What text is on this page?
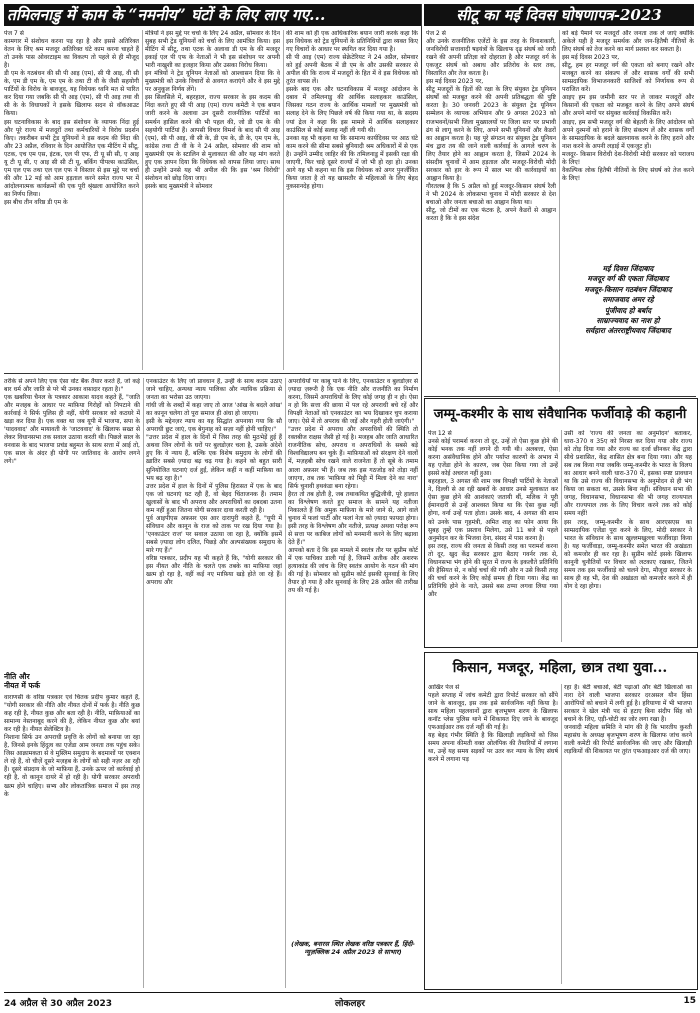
तमिलनाडु में काम के “नमनीय” घंटों के लिए लाए गए...	सीटू का मई दिवस घोषणापत्र-2023
पेज 7 से
कामगार में संशोधन करना पड़ रहा है और इससे अतिरिक्त वेतन के लिए श्रम मजदूर अतिरिक्त घंटे काम करना चाहते हैं तो उनके पास ओवरटाइम का विकल्प तो पहले से ही मौजूद है।
डी एम के गठबंधन की सी पी आइ (एम), सी पी आइ, वी सी के, एम डी एम के, एम एम के तथा टी वी के जैसी सहयोगी पार्टियों के विरोध के बावजूद, यह विधेयक ध्वनि मत से पारित कर दिया गया जबकि सी पी आइ (एम), सी पी आइ तथा वी सी के के विधायकों ने इसके खिलाफ सदन से वॉकआउट किया।
इस घटनाविकास के बाद इस संशोधन के व्यापक निंदा हुई और पूरे राज्य में मजदूरों तथा कर्मचारियों ने विरोध प्रदर्शन किए। तकरीबन सभी ट्रेड यूनियनों ने इस कदम की निंदा की और 23 अप्रैल, रविवार के दिन आयोजित एक मीटिंग में सीटू, एटक, एच एम एस, इंटक, एल पी एफ, टी यू सी सी, ए आइ यू टी यू सी, ए आइ सी सी टी यू, बर्किंग पीपल्स काउंसिल, एम एल एफ तथा एल एल एफ ने विस्तार से इस मुद्दे पर चर्चा की और 12 मई को आम हड़ताल करने समेत राज्य भर में आंदोलनात्मक कार्यक्रमों की एक पूरी श्रृंखला आयोजित करने का निर्णय लिया।
इस बीच तीन वरिष्ठ डी एम के
मंत्रियों ने इस मुद्दे पर चर्चा के लिए 24 अप्रैल, सोमवार के दिन सुबह सभी ट्रेड यूनियनों को चर्चा के लिए आमंत्रित किया। इस मीटिंग में सीटू, तथा एटक के अलावा डी एम के की मजदूर इकाई एल पी एफ के नेताओं ने भी इस संशोधन पर अपनी भारी नाखुशी का इजहार किया और उसका विरोध किया।
इन मंत्रियों ने ट्रेड यूनियन नेताओं को आश्वासन दिया कि वे मुख्यमंत्री को उनके विचारों से अवगत कराएंगे और वे इस मुद्दे पर अनुकूल निर्णय लेंगे।
इस सिलसिले में, बहरहाल, राज्य सरकार के इस कदम की निंदा करते हुए सी पी आइ (एम) राज्य कमेटी ने एक बयान जारी करने के अलावा उन दूसरी राजनीतिक पार्टियों का समर्थन हासिल करने की भी पहल की, जो डी एम के की सहयोगी पार्टियां हैं। आपसी विचार विमर्श के बाद सी पी आइ (एम), सी पी आइ, वी सी के, डी एम के, डी के, एम एम के, कांग्रेस तथा टी वी के ने 24 अप्रैल, सोमवार की शाम को मुख्यमंत्री एम के स्टालिन से मुलाकात की और यह मांग करते हुए एक ज्ञापन दिया कि विधेयक को वापस लिया जाए। साथ ही उन्होंने उनसे यह भी अपील की कि इस 'श्रम विरोधी' संशोधन को छोड़ दिया जाए।
इसके बाद मुख्यमंत्री ने सोमवार
की शाम को ही एक आधिकारिक बयान जारी करके कहा कि इस विधेयक को ट्रेड यूनियनों के प्रतिनिधियों द्वारा व्यक्त किए गए विचारों के आधार पर स्थगित कर दिया गया है।
सी पी आइ (एम) राज्य सेक्रेटेरियट ने 24 अप्रैल, सोमवार को हुई अपनी बैठक में डी एम के और उसकी सरकार से अपील की कि राज्य में मजदूरों के हित में वे इस विधेयक को तुरंत वापस लें।
इसके बाद एक और घटनाविकास में मजदूर आंदोलन के दबाव में तमिलनाडु की आर्थिक सलाहकार काउंसिल, जिसका गठन राज्य के आर्थिक मामलों पर मुख्यमंत्री को सलाह देने के लिए पिछले वर्ष की किया गया था, के सदस्य ज्यां द्रेज ने कहा कि इस मामले में आर्थिक सलाहकार काउंसिल से कोई सलाह नहीं ली गयी थी।
उनका यह भी कहना था कि सामान्य कार्यदिवस पर आठ घंटे काम करने की सीमा सबसे बुनियादी श्रम अधिकारों में से एक है। उन्होंने उम्मीद जाहिर की कि तमिलनाडु में इसकी रक्षा की जाएगी, फिर चाहे दूसरे राज्यों में जो भी हो रहा हो। उनका आगे यह भी कहना था कि इस विधेयक को अगर पुनर्जीवित किया जाता है तो यह खासतौर से महिलाओं के लिए बेहद नुकसानदेह होगा।
पेज 2 से
और उनके राजनीतिक एजेंटों के इस तरह के विनाशकारी, जनविरोधी सत्तावादी षड़यंत्रों के खिलाफ दृढ़ संघर्ष को जारी रखने की अपनी प्रतिज्ञा को दोहराता है और मजदूर वर्ग के एकजुट संघर्ष को अबाध और प्रतिरोध के स्तर तक, विस्तारित और तेज करता है।
इस मई दिवस 2023 पर,
सीटू मजदूरों के हितों की रक्षा के लिए संयुक्त ट्रेड यूनियन संघर्षों को मजबूत करने की अपनी प्रतिबद्धता की पुष्टि करता है। 30 जनवरी 2023 के संयुक्त ट्रेड यूनियन सम्मेलन के व्यापक अभियान और 9 अगस्त 2023 को राजभवनों/सभी जिला मुख्यालयों पर जिला स्तर पर प्रभावी ढंग से लागू करने के लिए, अपने सभी यूनियनों और कैडरों का आह्वान करता है। यह पूरे संगठन का संयुक्त ट्रेड यूनियन मंच द्वारा तय की जाने वाली कार्रवाई के आगले चरण के लिए तैयार होने का आह्वान करता है, जिसमें 2024 के संसदीय चुनावों में आम हड़ताल और मजदूर-विरोधी मोदी सरकार को हार के रूप में साल भर की कार्रवाइयों का आह्वान किया है।
गौरतलब है कि 5 अप्रैल को हुई मजदूर-किसान संघर्ष रैली ने भी 2024 के लोकसभा चुनाव में मोदी सरकार से देश बचाओ और जनता बचाओ का आह्वान किया था।
सीटू, जो टीमों का एक फंटक है, अपने कैडरों से आह्वान करता है कि वे इस संदेश
को बड़े पैमाने पर मजदूरों और जनता तक ले जाएं क्योंकि अकेले यही है मजदूर समर्थक और जन-हितैषी नीतियों के लिए संघर्ष को तेज करने का मार्ग प्रशस्त कर सकता है।
इस मई दिवस 2023 पर,
सीटू, हम हर मजदूर वर्ग की एकता को बनाए रखने और मजबूत करने का संकल्प लें और शासक वर्गों की सभी साम्प्रदायिक विभाजनकारी साजिशों को निर्णायक रूप से पराजित करें।
आइए हम इस जमीनी स्तर पर ले जाकर मजदूरों और किसानों की एकता को मजबूत करने के लिए अपने संघर्ष और अपने मांगों पर संयुक्त कार्रवाई विकसित करें।
आइए, हम सभी मजदूर वर्ग की बेहतरी के लिए आंदोलन को अपने दुश्मनों को हराने के लिए संकल्प लें और शासक वर्गों के साम्प्रदायिक के बदले खलनायक करने के लिए हराने और नाश करने के अपनी लड़ाई में एकजुट हों।
मजदूर- किसान विरोधी देश-विरोधी मोदी सरकार को पराजय के लिए!
वैकल्पिक लोक हितैषी नीतियों के लिए संघर्ष को तेज करने के लिए!
मई दिवस जिंदाबाद
मजदूर वर्ग की एकता जिंदाबाद
मजदूर-किसान गठबंधन जिंदाबाद
समाजवाद अमर रहे
पूंजीवाद हो बर्बाद
साम्राज्यवाद का नाश हो
सर्वहारा अंतरराष्ट्रीयवाद जिंदाबाद
तरीके से अपने लिए एक ऐसा वोट बैंक तैयार करते हैं, जो कई बार धर्म और जाति से परे भी उनका वफ़ादार रहता है।"
एक खबरिया चैनल के पत्रकार आकाश यादव कहते हैं, "जाति और मजहब के आधार पर माफ़िया गिरोहों को निपटाने की कार्रवाई ने सिर्फ पुलिस ही नहीं, योगी सरकार को कठघरे में खड़ा कर दिया है। एक वक्त था जब यूपी में भाजपा, सपा के 'यादववाद' और मायावती के 'जाटववाद' के खिलाफ सख्त से लेकर विधानसभा तक सवाल उठाया करती थी। पिछले साल के वनवास के बाद भाजपा प्रचंड बहुमत के साथ सत्ता में आई तो, एक साल के अंदर ही योगी पर जातिवाद के आरोप लगने लगे।"
नीति और
नीयत में फर्क
वाराणसी के वरिष्ठ पत्रकार एवं चिंतक प्रदीप कुमार कहते हैं, "योगी सरकार की नीति और नीयत दोनों में फर्क है। नीति कुछ कह रही है, नीयत कुछ और बता रही है। नीति, माफ़ियाओं का सामान्य नेस्तनाबूद करने की है, लेकिन नीयत कुछ और बयां कर रही है। नीयत सेलेक्टिव है।
निशाना सिर्फ उन अपराधी प्रवृत्ति के लोगों को बनाया जा रहा है, जिनसे इनके हिंदुत्व का एजेंडा आम जनता तक पहुंच सके। जिस आक्रामकता से वे मुस्लिम समुदाय के बदमाशों पर एक्शन ले रहे हैं, वो चीज़ें दूसरे मज़हब के लोगों को सही नज़र आ रही हैं। दूसरे संप्रदाय के जो माफ़िया हैं, उनके ऊपर जो कार्रवाई हो रही है, वो कानून दायरे में हो रही है। योगी सरकार अपराधी खत्म होने चाहिए। सभ्य और लोकतांत्रिक समाज में इस तरह के
एनकाउंटर के लिए जो प्रावधान हैं, उन्हीं के साथ कदम उठाए जाने चाहिए, अन्यथा न्याय पालिका और न्यायिक प्रक्रिया से जनता का भरोसा उठ जाएगा।
गांधी जी के शब्दों में कहा जाए तो आज 'आंख के बदले आंख' का कानून चलेगा तो पूरा समाज ही अंधा हो जाएगा।
इसी के मद्देनज़र न्याय का यह सिद्धांत अपनाया गया कि सौ अपराधी छूट जाएं, एक बेगुनाह को सज़ा नहीं होनी चाहिए।"
"उत्तर प्रदेश में हाल के दिनों में जिस तरह की मुठभेड़ें हुई हैं अथवा जिन लोगों के घरों पर बुलडोज़र चला है, उसके अंदेशे हुए कि ये न्याय हैं, बल्कि एक विशेष समुदाय के लोगों की ख़ातिर सबसे ज़्यादा बढ़ चढ़ गया है। कहने को बहुत सारी सुनियोजित घटनाएं दर्ज हुईं, लेकिन कहीं न कहीं माफ़िया का भय बढ़ रहा है।"
उत्तर प्रदेश में हाल के दिनों में पुलिस हिरासत में एक के बाद एक जो घटनाएं घट रही हैं, वो बेहद चिंताजनक हैं। तमाम खुलासों के बाद भी अपराध और अपराधियों का दबदबा उतना कम नहीं हुआ जितना योगी सरकार दावा करती रही है।
पूर्व आइपीएस अफ़सर एस आर दारापुरी कहते हैं, "यूपी में संविधान और कानून के राज को ताक पर रख दिया गया है। 'एनकाउंटर राज' पर सवाल उठाया जा रहा है, क्योंकि इसमें सबसे ज़्यादा लोग दलित, पिछड़े और अल्पसंख्यक समुदाय के मारे गए हैं।"
वरिष्ठ पत्रकार, प्रदीप यह भी कहते हैं कि, "योगी सरकार की इस नीयत और नीति के चलते एक तबके का माफ़िया जहां खत्म हो रहा है, वहीं कई नए माफ़िया खड़े होते जा रहे हैं। अपराध और
अपराधियों पर काबू पाने के लिए, एनकाउंटर व बुलडोज़र से ज़्यादा ज़रूरी है कि एक नीति और राजनीति का निर्माण करना, जिसमें अपराधियों के लिए कोई जगह ही न हो। ऐसा न हो कि सत्ता की छाया में पल रहे अपराधी बचे रहें और विपक्षी नेताओं को एनकाउंटर का भय दिखाकर चुप कराया जाए। ऐसे में तो अपराध की जड़ें और गहरी होती जाएंगी।"
"उत्तर प्रदेश में अपराध और अपराधियों की स्थिति तो रक्तबीज राक्षस जैसी हो गई है। मजहब और जाति आधारित राजनीतिक सोच, अपराध व अपराधियों के सबसे बड़े विश्वविद्यालय बन चुके हैं। माफ़ियाओं को संरक्षण देने वालों में, मज़हबी सोच रखने वाले राजनेता हैं तो सूबे के तमाम आला अफ़सर भी हैं। जब तक इस गठजोड़ को तोड़ा नहीं जाएगा, तब तक 'माफ़िया को मिट्टी में मिला देने का नारा' सिर्फ चुनावी हथकंडा बना रहेगा।
हैरत तो तब होती है, जब तथाकथित बुद्धिजीवी, पूरे हालात का विश्लेषण करते हुए समाज के सामने यह नतीजा निकालते हैं कि अमुक माफ़िया के मारे जाने से, आगे वाले चुनाव में फलां पार्टी और फलां नेता को ज़्यादा फायदा होगा। इसी तरह के विश्लेषण और नतीजे, प्रत्यक्ष अथवा परोक्ष रूप से सत्ता पर काबिज लोगों को मनमानी करने के लिए बढ़ावा देते हैं।"
आपको बता दें कि इस मामले में स्वतंत्र तौर पर सुप्रीम कोर्ट में एक याचिका डाली गई है, जिसमें अतीक और अशरफ हत्याकांड की जांच के लिए स्वतंत्र आयोग के गठन की मांग की गई है। सोमवार को सुप्रीम कोर्ट इसकी सुनवाई के लिए तैयार हो गया है और सुनवाई के लिए 28 अप्रैल की तारीख तय की गई है।
(लेखक, बनारस स्थित लेखक वरिष्ठ पत्रकार हैं, हिंदी-न्यूज़क्लिक 24 अप्रैल 2023 से साभार)
जम्मू-कश्मीर के साथ संवैधानिक फर्जीवाड़े की कहानी
पेज 12 से
उनसे कोई परामर्श करना तो दूर, उन्हें तो ऐसा कुछ होने की कोई भनक तक नहीं लगने दी गयी थी। अलबत्ता, ऐसा करना असंवैधानिक होने और पर्याप्त कारणों के अभाव में यह एजेंडा होने के कारण, जब ऐसा किया गया तो उन्हें इससे कोई अचरज नहीं हुआ।
बहरहाल, 3 अगस्त की शाम जब विपक्षी पार्टियों के नेताओं ने, दिल्ली से आ रही खबरों के आधार उनसे मुलाकात कर ऐसा कुछ होने की आशंकाएं जतायी थीं, मलिक ने पूरी ईमानदारी से उन्हें आश्वस्त किया था कि ऐसा कुछ नहीं होगा, वर्ना उन्हें पता होता। उसके बाद, 4 अगस्त की शाम को उनके पास गृहमंत्री, अमित शाह का फोन आया कि सुबह तुम्हें एक प्रस्ताव मिलेगा, उसे 11 बजे से पहले अनुमोदन कर के भिजवा देना, संसद में पास करना है।
इस तरह, राज्य की जनता से किसी तरह का परामर्श करना तो दूर, खुद केंद्र सरकार द्वारा बैठाए गवर्नर तक से, विधानसभा भंग होने की सूरत में राज्य के इकलौते प्रतिनिधि की हैसियत से, न कोई चर्चा की गयी और न उसे किसी तरह की चर्चा करने के लिए कोई समय ही दिया गया। केंद्र का प्रतिनिधि होने के नाते, उससे बस ठप्पा लगवा लिया गया और
उसी को 'राज्य की जनता का अनुमोदन' बताकर, धारा-370 व 35ए को निरस्त कर दिया गया और राज्य को तोड़ दिया गया और राज्य का दर्जा छीनकर केंद्र द्वारा सीधे प्रशासित, केंद्र शासित क्षेत्र बना दिया गया। और यह सब तब किया गया जबकि जम्मू-कश्मीर के भारत के विलय का आधार बनने वाली धारा-370 में, इसका स्पष्ट प्रावधान था कि उसे राज्य की विधानसभा के अनुमोदन से ही भंग किया जा सकता था, उसके बिना नहीं। संविधान सभा की जगह, विधानसभा, विधानसभा की भी जगह राज्यपाल और राज्यपाल तक के लिए विचार करने तक को कोई समय नहीं!
इस तरह, जम्मू-कश्मीर के साथ आरएसएस का साम्प्रदायिक एजेंडा पूरा करने के लिए, मोदी सरकार ने भारत के संविधान के साथ खुल्लमखुल्ला फर्जीवाड़ा किया है। यह फर्जीवाड़ा, जम्मू-कश्मीर समेत भारत की अखंडता को कमजोर ही कर रहा है। सुप्रीम कोर्ट इसके खिलाफ कानूनी चुनौतियों पर विचार को लटकाए रखकर, जितने समय तक इस फर्जीवाड़े को चलने देगा, मौजूदा सरकार के साथ ही वह भी, देश की अखंडता को कमजोर करने में ही योग दे रहा होगा।
किसान, मजदूर, महिला, छात्र तथा युवा...
आखिर पेज से
पहले सप्ताह में जांच कमेटी द्वारा रिपोर्ट सरकार को सौंपे जाने के बावजूद, इस तक इसे सार्वजनिक नहीं किया है। साथ महिला पहलवानों द्वारा बृजभूषण शरण के खिलाफ कनॉट प्लेस पुलिस थाने में शिकायत दिए जाने के बावजूद एफआईआर तक दर्ज नहीं की गई है।
यह बेहद गंभीर स्थिति है कि खिलाड़ी लड़कियों को जिस समय अपना कीमती वक्त ओलंपिक की तैयारियों में लगाना था, उन्हें यह समय सड़कों पर उतर कर न्याय के लिए संघर्ष करने में लगाना पड़
रहा है। बेटी बचाओ, बेटी पढ़ाओ और बेटी खिलाओ का नारा देने वाली भाजपा सरकार दरअसल यौन हिंसा आरोपियों को बचाने में लगी हुई है। हरियाणा में भी भाजपा सरकार ने खेल मंत्री पद से हटाए बिना संदीप सिंह को बचाने के लिए, एड़ी-चोटी का जोर लगा रखा है।
जनवादी महिला समिति ने मांग की है कि भारतीय कुश्ती महासंघ के अध्यक्ष बृजभूषण शरण के खिलाफ जांच करने वाली कमेटी की रिपोर्ट सार्वजनिक की जाए और खिलाड़ी लड़कियों की शिकायत पर तुरंत एफआइआर दर्ज की जाए।
24 अप्रैल से 30 अप्रैल 2023	लोकलहर	15
